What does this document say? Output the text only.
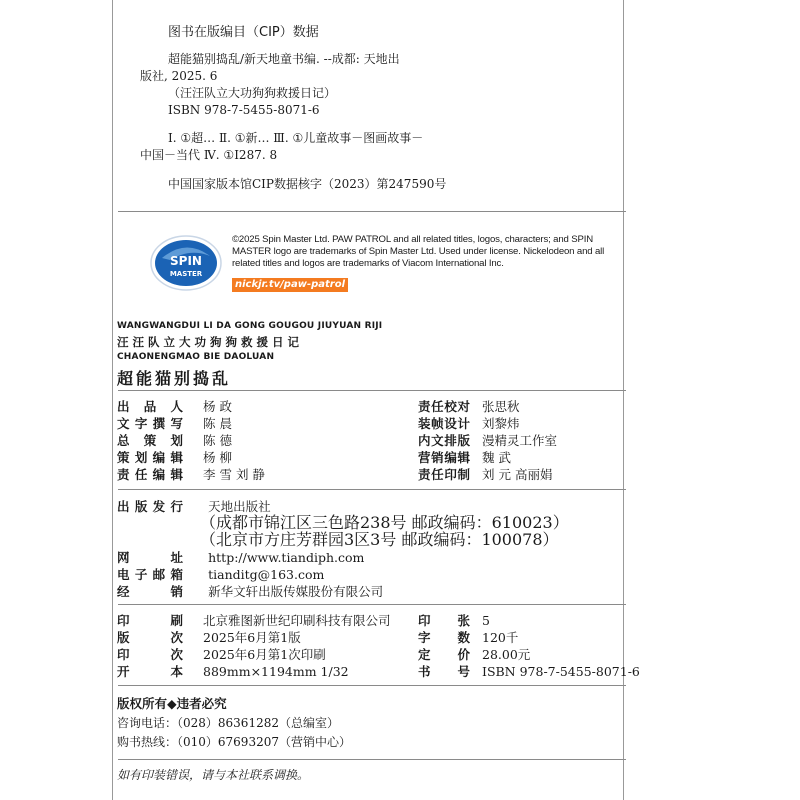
图书在版编目（CIP）数据
超能猫别捣乱/新天地童书编. --成都: 天地出
版社, 2025. 6
（汪汪队立大功狗狗救援日记）
ISBN 978-7-5455-8071-6
Ⅰ. ①超… Ⅱ. ①新… Ⅲ. ①儿童故事－图画故事－
中国－当代 Ⅳ. ①I287. 8
中国国家版本馆CIP数据核字（2023）第247590号
SPIN
MASTER
©2025 Spin Master Ltd. PAW PATROL and all related titles, logos, characters; and SPIN MASTER logo are trademarks of Spin Master Ltd. Used under license. Nickelodeon and all related titles and logos are trademarks of Viacom International Inc.
nickjr.tv/paw-patrol
WANGWANGDUI LI DA GONG GOUGOU JIUYUAN RIJI
汪汪队立大功狗狗救援日记
CHAONENGMAO BIE DAOLUAN
超能猫别捣乱
出品人 杨 政
文字撰写 陈 晨
总策划 陈 德
策划编辑 杨 柳
责任编辑 李 雪 刘 静
责任校对 张思秋
装帧设计 刘黎炜
内文排版 漫精灵工作室
营销编辑 魏 武
责任印制 刘 元 高丽娟
出版发行 天地出版社
（成都市锦江区三色路238号 邮政编码：610023）
（北京市方庄芳群园3区3号 邮政编码：100078）
网 址 http://www.tiandiph.com
电子邮箱 tianditg@163.com
经 销 新华文轩出版传媒股份有限公司
印 刷 北京雅图新世纪印刷科技有限公司
版 次 2025年6月第1版
印 次 2025年6月第1次印刷
开 本 889mm×1194mm 1/32
印 张 5
字 数 120千
定 价 28.00元
书 号 ISBN 978-7-5455-8071-6
版权所有◆违者必究
咨询电话：（028）86361282（总编室）
购书热线：（010）67693207（营销中心）
如有印装错误，请与本社联系调换。
